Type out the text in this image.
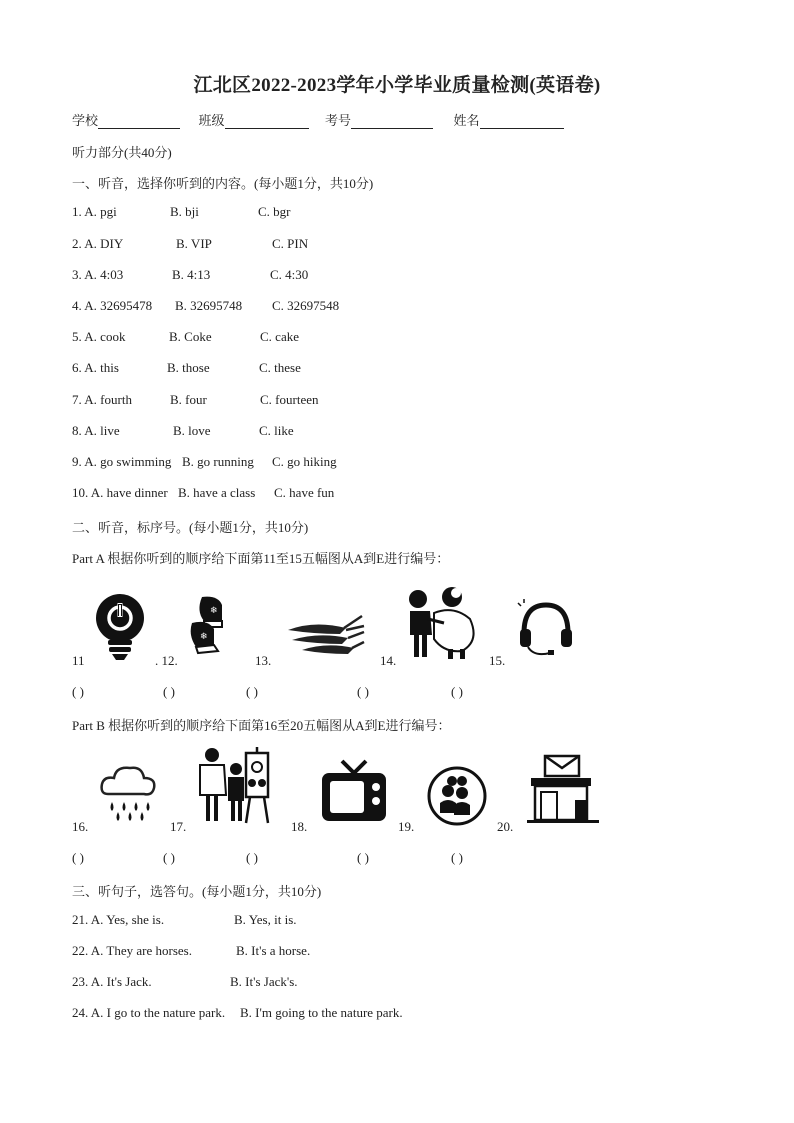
江北区2022-2023学年小学毕业质量检测(英语卷)
学校	班级	考号	姓名
听力部分(共40分)
一、听音，选择你听到的内容。(每小题1分，共10分)
1. A. pgi	B. bji	C. bgr
2. A. DIY	B. VIP	C. PIN
3. A. 4:03	B. 4:13	C. 4:30
4. A. 32695478 B. 32695748 C. 32697548
5. A. cook	B. Coke	C. cake
6. A. this	B. those	C. these
7. A. fourth	B. four	C. fourteen
8. A. live	B. love	C. like
9. A. go swimming B. go running C. go hiking
10. A. have dinner B. have a class C. have fun
二、听音，标序号。(每小题1分，共10分)
Part A 根据你听到的顺序给下面第11至15五幅图从A到E进行编号：
❄
❄
11	. 12.	13.	14.	15.
( )	( )	( )	( )	( )
Part B 根据你听到的顺序给下面第16至20五幅图从A到E进行编号：
16.	17.	18.	19.	20.
( )	( )	( )	( )	( )
三、听句子，选答句。(每小题1分，共10分)
21. A. Yes, she is.	B. Yes, it is.
22. A. They are horses.	B. It's a horse.
23. A. It's Jack.	B. It's Jack's.
24. A. I go to the nature park. B. I'm going to the nature park.
